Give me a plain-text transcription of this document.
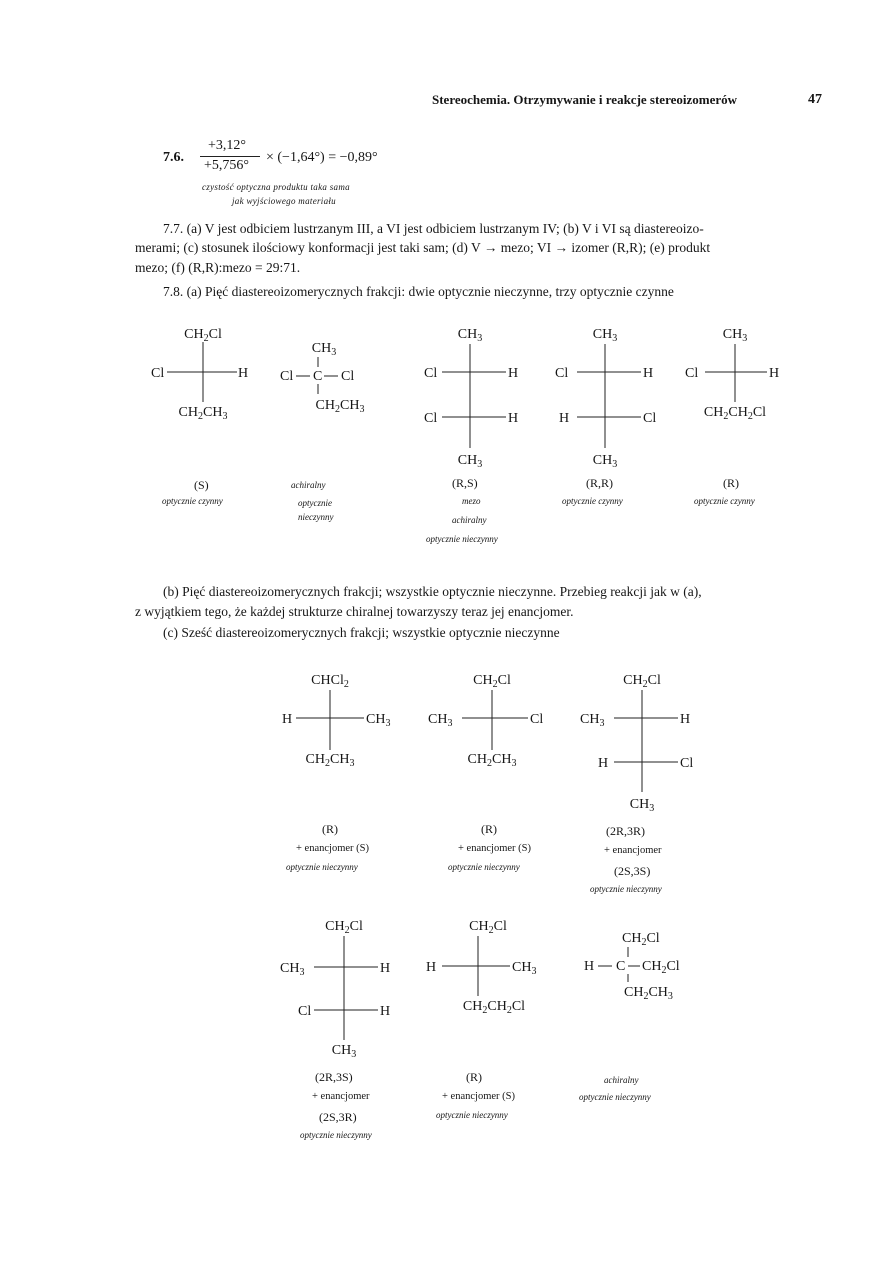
Stereochemia. Otrzymywanie i reakcje stereoizomerów	47
7.6.
+3,12°
+5,756°
× (−1,64°) = −0,89°
czystość optyczna produktu taka sama
jak wyjściowego materiału
7.7. (a) V jest odbiciem lustrzanym III, a VI jest odbiciem lustrzanym IV; (b) V i VI są diastereoizo-
merami; (c) stosunek ilościowy konformacji jest taki sam; (d) V → mezo; VI → izomer (R,R); (e) produkt
mezo; (f) (R,R):mezo = 29:71.
7.8. (a) Pięć diastereoizomerycznych frakcji: dwie optycznie nieczynne, trzy optycznie czynne
$CH_2Cl$
Cl	H
$CH_2CH_3$
(S)
optycznie czynny
$CH_3$
Cl C Cl
$CH_2CH_3$
achiralny
optycznie
nieczynny
$CH_3$
Cl	H
Cl	H
$CH_3$
(R,S)
mezo
achiralny
optycznie nieczynny
$CH_3$
Cl	H
H	Cl
$CH_3$
(R,R)
optycznie czynny
$CH_3$
Cl	H
$CH_2CH_2Cl$
(R)
optycznie czynny
(b) Pięć diastereoizomerycznych frakcji; wszystkie optycznie nieczynne. Przebieg reakcji jak w (a),
z wyjątkiem tego, że każdej strukturze chiralnej towarzyszy teraz jej enancjomer.
(c) Sześć diastereoizomerycznych frakcji; wszystkie optycznie nieczynne
CHCl$_2$
H	$CH_3$
$CH_2CH_3$
(R)
+ enancjomer (S)
optycznie nieczynny
$CH_2Cl$
$CH_3$	Cl
$CH_2CH_3$
(R)
+ enancjomer (S)
optycznie nieczynny
$CH_2Cl$
$CH_3$	H
H	Cl
$CH_3$
(2R,3R)
+ enancjomer
(2S,3S)
optycznie nieczynny
$CH_2Cl$
$CH_3$	H
Cl	H
$CH_3$
(2R,3S)
+ enancjomer
(2S,3R)
optycznie nieczynny
$CH_2Cl$
H	$CH_3$
$CH_2CH_2Cl$
(R)
+ enancjomer (S)
optycznie nieczynny
$CH_2Cl$
H C $CH_2Cl$
$CH_2CH_3$
achiralny
optycznie nieczynny
